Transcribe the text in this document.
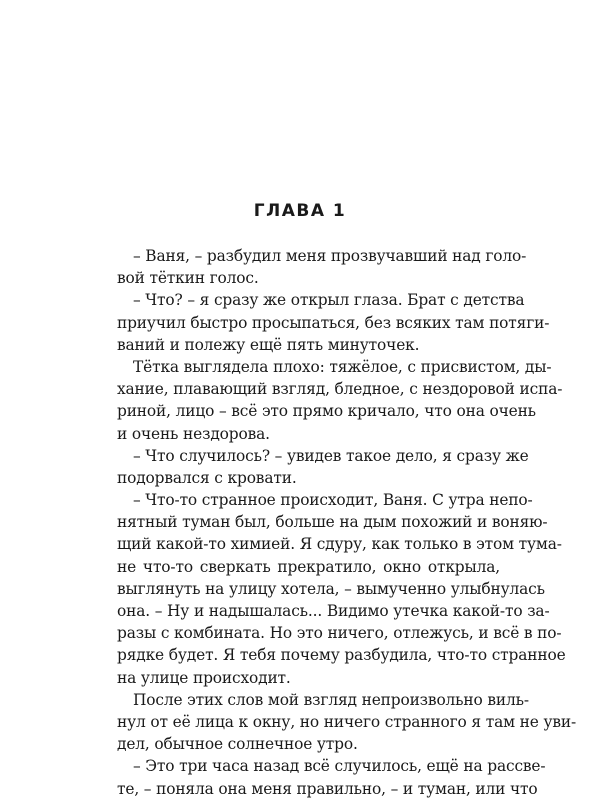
ГЛАВА 1
– Ваня, – разбудил меня прозвучавший над голо-
вой тёткин голос.
– Что? – я сразу же открыл глаза. Брат с детства
приучил быстро просыпаться, без всяких там потяги-
ваний и полежу ещё пять минуточек.
Тётка выглядела плохо: тяжёлое, с присвистом, ды-
хание, плавающий взгляд, бледное, с нездоровой испа-
риной, лицо – всё это прямо кричало, что она очень
и очень нездорова.
– Что случилось? – увидев такое дело, я сразу же
подорвался с кровати.
– Что-то странное происходит, Ваня. С утра непо-
нятный туман был, больше на дым похожий и воняю-
щий какой-то химией. Я сдуру, как только в этом тума-
не что-то сверкать прекратило, окно открыла,
выглянуть на улицу хотела, – вымученно улыбнулась
она. – Ну и надышалась... Видимо утечка какой-то за-
разы с комбината. Но это ничего, отлежусь, и всё в по-
рядке будет. Я тебя почему разбудила, что-то странное
на улице происходит.
После этих слов мой взгляд непроизвольно виль-
нул от её лица к окну, но ничего странного я там не уви-
дел, обычное солнечное утро.
– Это три часа назад всё случилось, ещё на рассве-
те, – поняла она меня правильно, – и туман, или что
